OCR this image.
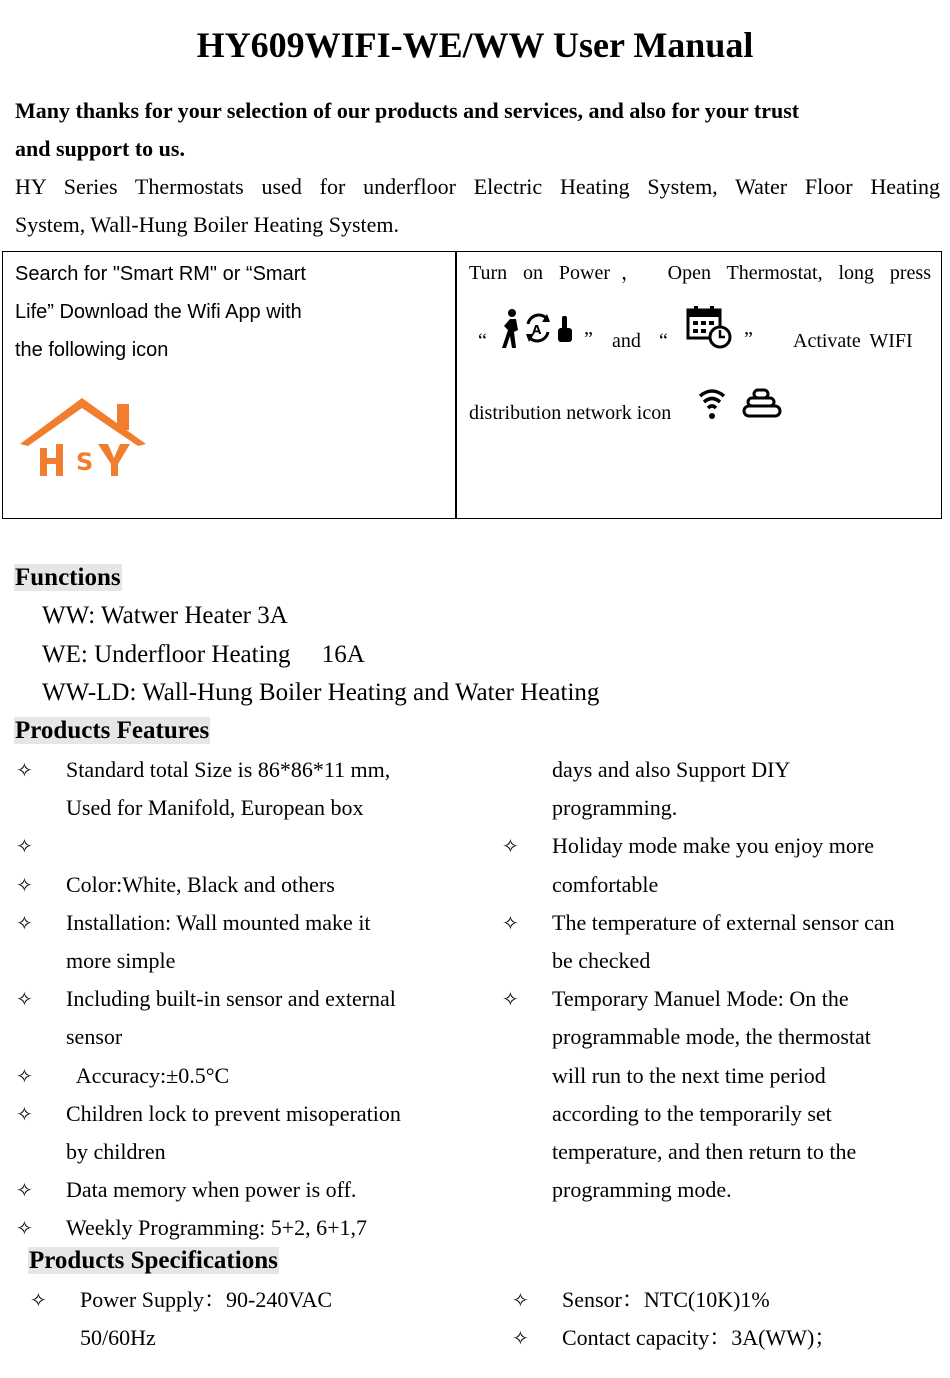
HY609WIFI-WE/WW User Manual
Many thanks for your selection of our products and services, and also for your trust
and support to us.
HY Series Thermostats used for underfloor Electric Heating System, Water Floor Heating
System, Wall-Hung Boiler Heating System.
Search for "Smart RM" or “Smart
Life” Download the Wifi App with
the following icon
S
Turn on Power， Open Thermostat, long press
“	A ” and “	” Activate WIFI
distribution network icon
Functions
WW: Watwer Heater 3A
WE: Underfloor Heating     16A
WW-LD: Wall-Hung Boiler Heating and Water Heating
Products Features
✧ Standard total Size is 86*86*11 mm,
Used for Manifold, European box
✧
✧ Color:White, Black and others
✧ Installation: Wall mounted make it
more simple
✧ Including built-in sensor and external
sensor
✧ Accuracy:±0.5°C
✧ Children lock to prevent misoperation
by children
✧ Data memory when power is off.
✧ Weekly Programming: 5+2, 6+1,7
days and also Support DIY
programming.
✧ Holiday mode make you enjoy more
comfortable
✧ The temperature of external sensor can
be checked
✧ Temporary Manuel Mode: On the
programmable mode, the thermostat
will run to the next time period
according to the temporarily set
temperature, and then return to the
programming mode.
Products Specifications
✧ Power Supply：90-240VAC
50/60Hz
✧ Sensor：NTC(10K)1%
✧ Contact capacity：3A(WW)；
